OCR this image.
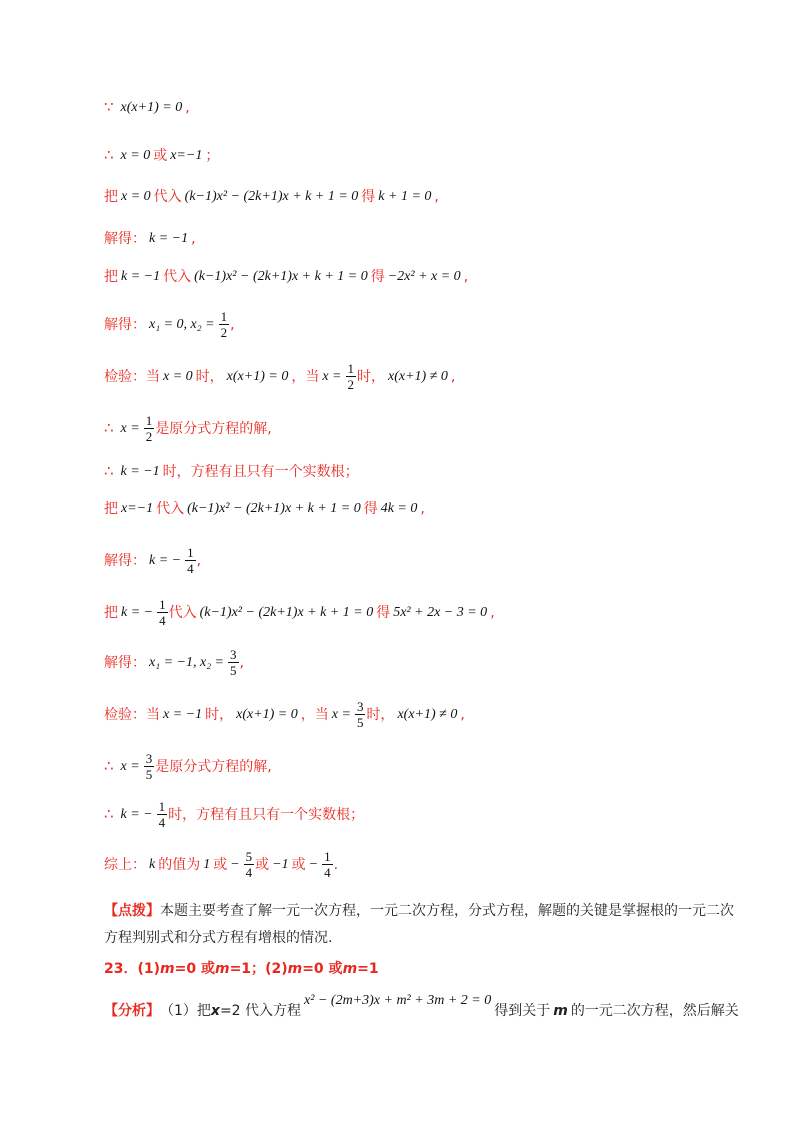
∵ x(x+1) = 0 ,
∴ x = 0 或 x=−1 ；
把 x = 0 代入 (k−1)x² − (2k+1)x + k + 1 = 0 得 k + 1 = 0 ,
解得： k = −1 ,
把 k = −1 代入 (k−1)x² − (2k+1)x + k + 1 = 0 得 −2x² + x = 0 ,
解得： x₁ = 0, $x_2 = \frac{1}{2}$ ,
检验：当 x = 0 时， x(x+1) = 0 ，当 $x = \frac{1}{2}$ 时， x(x+1) ≠ 0 ,
∴ $x = \frac{1}{2}$ 是原分式方程的解,
∴ k = −1 时，方程有且只有一个实数根；
把 x=−1 代入 (k−1)x² − (2k+1)x + k + 1 = 0 得 4k = 0 ,
解得： k = − $\frac{1}{4}$ ,
把 k = − $\frac{1}{4}$ 代入 (k−1)x² − (2k+1)x + k + 1 = 0 得 5x² + 2x − 3 = 0 ,
解得： x₁ = −1, $x_2 = \frac{3}{5}$ ,
检验：当 x = −1 时， x(x+1) = 0 ，当 $x = \frac{3}{5}$ 时， x(x+1) ≠ 0 ,
∴ $x = \frac{3}{5}$ 是原分式方程的解,
∴ k = − $\frac{1}{4}$ 时，方程有且只有一个实数根；
综上： k 的值为 1 或 − $\frac{5}{4}$ 或 −1 或 − $\frac{1}{4}$ .
【点拨】本题主要考查了解一元一次方程，一元二次方程，分式方程，解题的关键是掌握根的一元二次方程判别式和分式方程有增根的情况.
23． (1) m =0 或 m =1； (2) m =0 或 m =1
【分析】 （1）把 x =2 代入方程
x² − (2m+3)x + m² + 3m + 2 = 0
得到关于 m 的一元二次方程，然后解关
